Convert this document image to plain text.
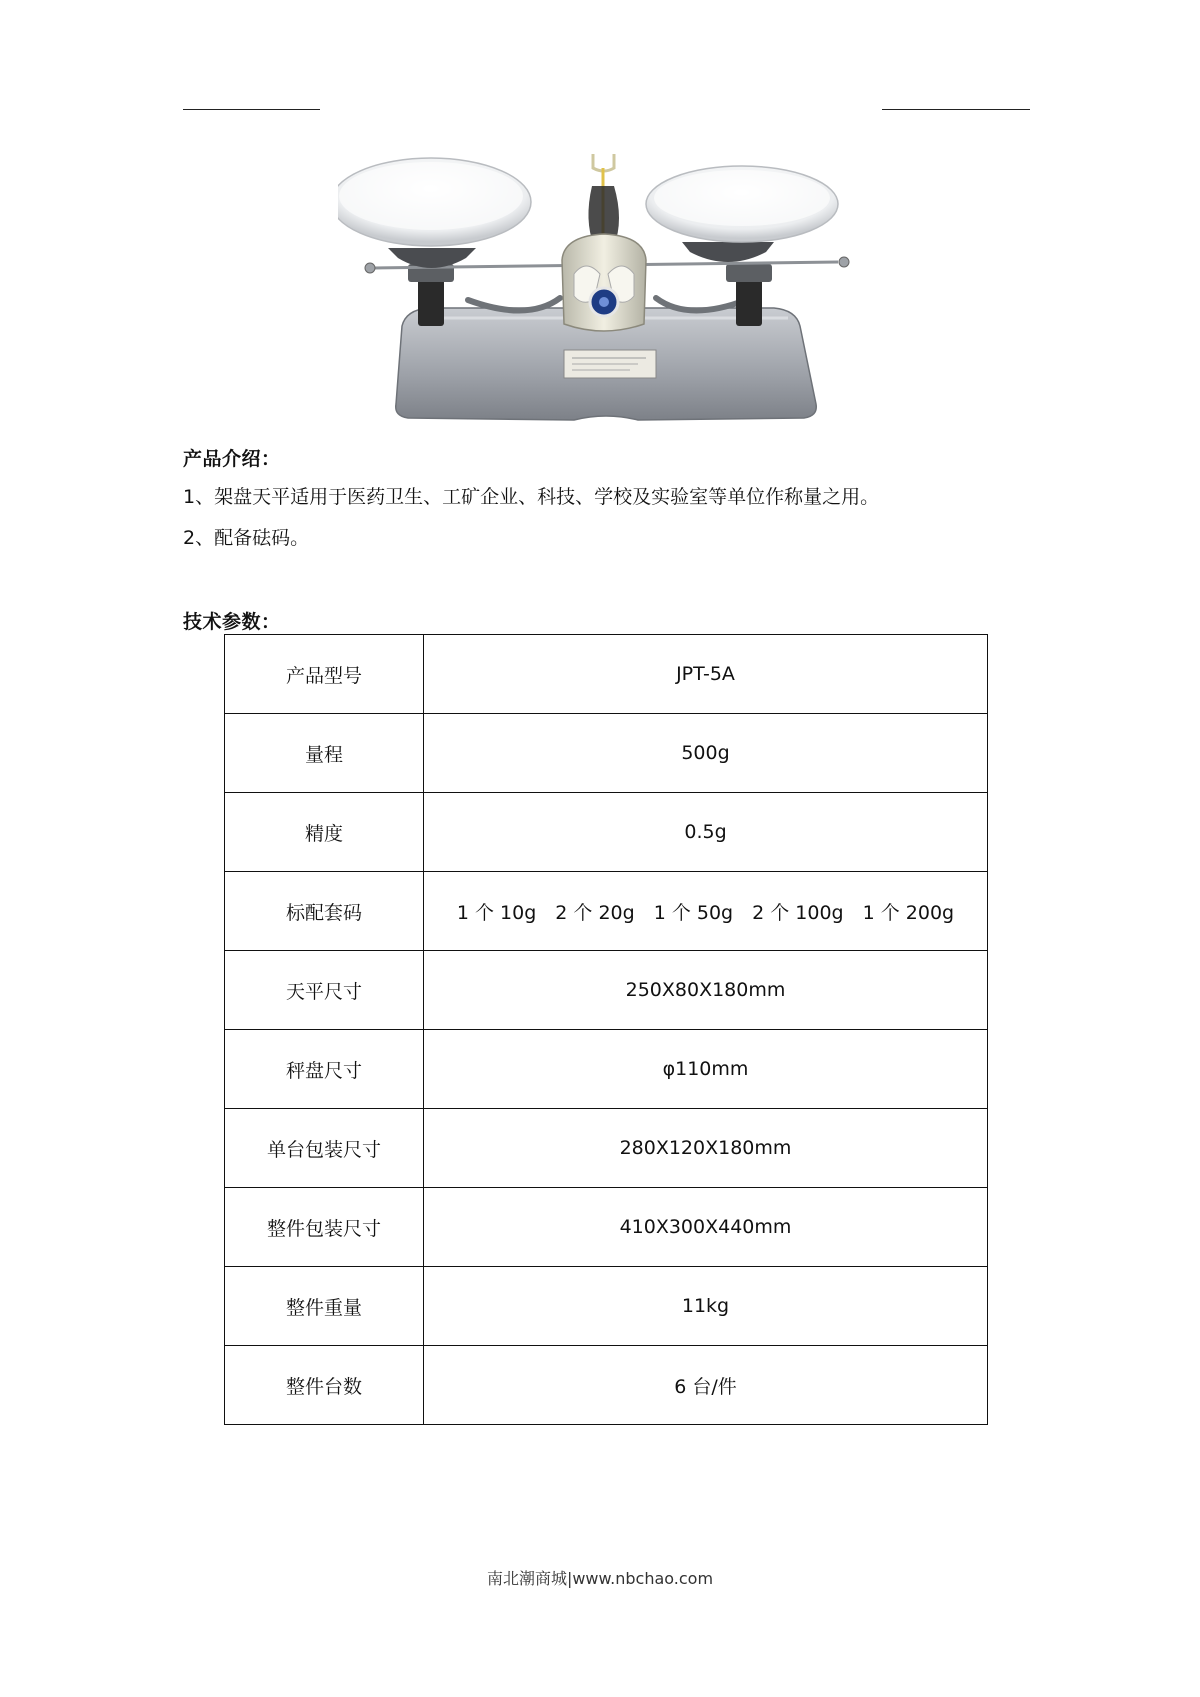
产品介绍：
1、架盘天平适用于医药卫生、工矿企业、科技、学校及实验室等单位作称量之用。
2、配备砝码。
技术参数：
产品型号	JPT-5A
量程	500g
精度	0.5g
标配套码	1 个 10g　2 个 20g　1 个 50g　2 个 100g　1 个 200g
天平尺寸	250X80X180mm
秤盘尺寸	φ110mm
单台包装尺寸	280X120X180mm
整件包装尺寸	410X300X440mm
整件重量	11kg
整件台数	6 台/件
南北潮商城|www.nbchao.com
